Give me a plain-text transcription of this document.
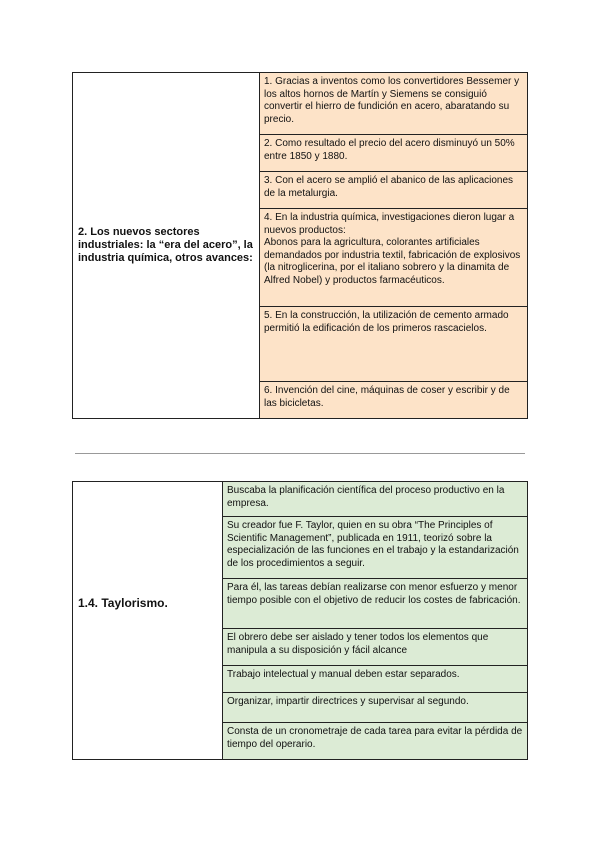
2. Los nuevos sectores industriales: la “era del acero”, la industria química, otros avances:	1. Gracias a inventos como los convertidores Bessemer y los altos hornos de Martín y Siemens se consiguió convertir el hierro de fundición en acero, abaratando su precio.
2. Como resultado el precio del acero disminuyó un 50% entre 1850 y 1880.
3. Con el acero se amplió el abanico de las aplicaciones de la metalurgia.
4. En la industria química, investigaciones dieron lugar a nuevos productos:
Abonos para la agricultura, colorantes artificiales demandados por industria textil, fabricación de explosivos (la nitroglicerina, por el italiano sobrero y la dinamita de Alfred Nobel) y productos farmacéuticos.
5. En la construcción, la utilización de cemento armado permitió la edificación de los primeros rascacielos.
6. Invención del cine, máquinas de coser y escribir y de las bicicletas.
	Buscaba la planificación científica del proceso productivo en la empresa.
	Su creador fue F. Taylor, quien en su obra “The Principles of Scientific Management”, publicada en 1911, teorizó sobre la especialización de las funciones en el trabajo y la estandarización de los procedimientos a seguir.
1.4. Taylorismo.	Para él, las tareas debían realizarse con menor esfuerzo y menor tiempo posible con el objetivo de reducir los costes de fabricación.
	El obrero debe ser aislado y tener todos los elementos que manipula a su disposición y fácil alcance
	Trabajo intelectual y manual deben estar separados.
	Organizar, impartir directrices y supervisar al segundo.
	Consta de un cronometraje de cada tarea para evitar la pérdida de tiempo del operario.
